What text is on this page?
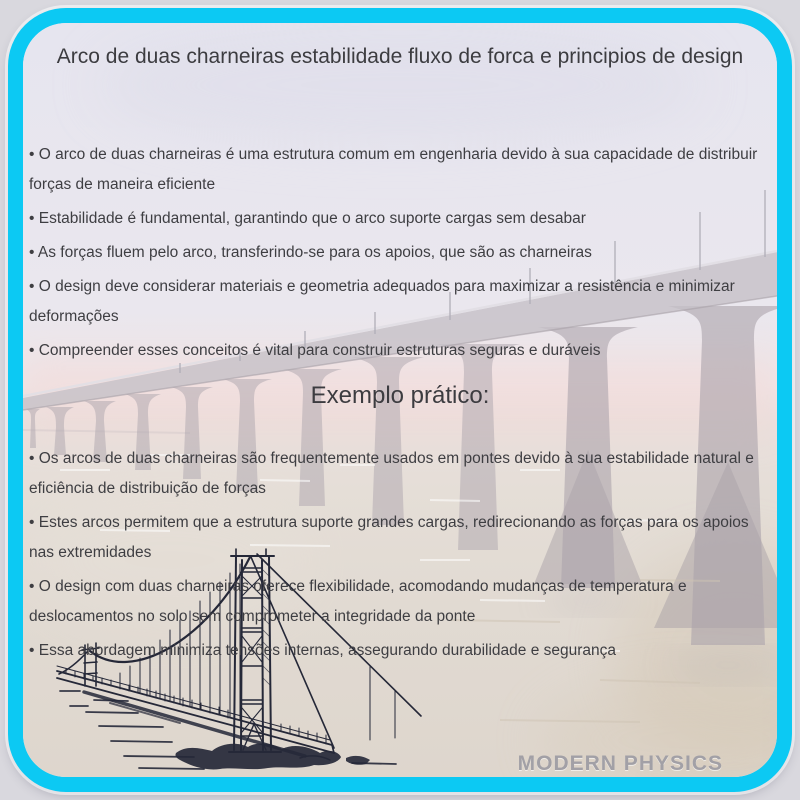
Arco de duas charneiras estabilidade fluxo de forca e principios de design

• O arco de duas charneiras é uma estrutura comum em engenharia devido à sua capacidade de distribuir forças de maneira eficiente

• Estabilidade é fundamental, garantindo que o arco suporte cargas sem desabar

• As forças fluem pelo arco, transferindo-se para os apoios, que são as charneiras

• O design deve considerar materiais e geometria adequados para maximizar a resistência e minimizar deformações

• Compreender esses conceitos é vital para construir estruturas seguras e duráveis

Exemplo prático:

• Os arcos de duas charneiras são frequentemente usados em pontes devido à sua estabilidade natural e eficiência de distribuição de forças

• Estes arcos permitem que a estrutura suporte grandes cargas, redirecionando as forças para os apoios nas extremidades

• O design com duas charneiras oferece flexibilidade, acomodando mudanças de temperatura e deslocamentos no solo sem comprometer a integridade da ponte

• Essa abordagem minimiza tensões internas, assegurando durabilidade e segurança

MODERN PHYSICS
